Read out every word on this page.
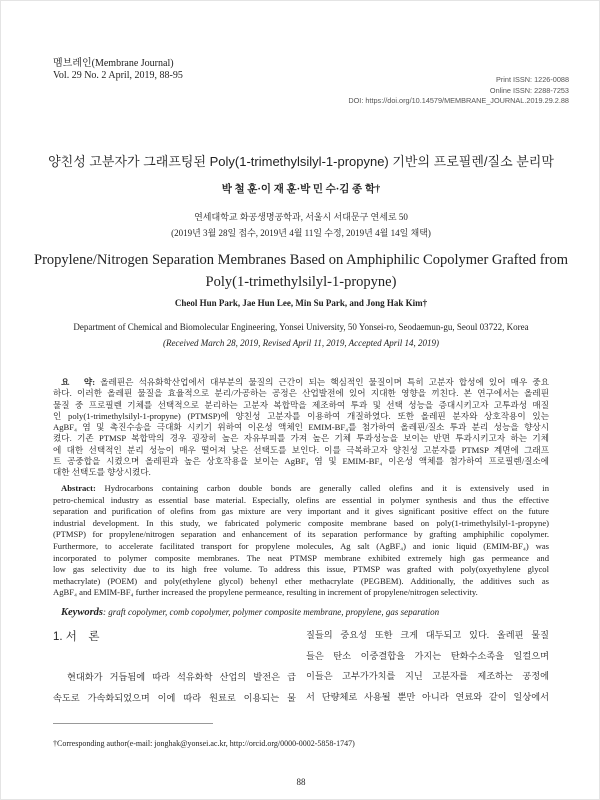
멤브레인(Membrane Journal)
Vol. 29 No. 2 April, 2019, 88-95	Print ISSN: 1226-0088
Online ISSN: 2288-7253
DOI: https://doi.org/10.14579/MEMBRANE_JOURNAL.2019.29.2.88
양친성 고분자가 그래프팅된 Poly(1-trimethylsilyl-1-propyne) 기반의 프로필렌/질소 분리막
박 철 훈·이 재 훈·박 민 수·김 종 학†
연세대학교 화공생명공학과, 서울시 서대문구 연세로 50
(2019년 3월 28일 접수, 2019년 4월 11일 수정, 2019년 4월 14일 채택)
Propylene/Nitrogen Separation Membranes Based on Amphiphilic Copolymer Grafted from
Poly(1-trimethylsilyl-1-propyne)
Cheol Hun Park, Jae Hun Lee, Min Su Park, and Jong Hak Kim†
Department of Chemical and Biomolecular Engineering, Yonsei University, 50 Yonsei-ro, Seodaemun-gu, Seoul 03722, Korea
(Received March 28, 2019, Revised April 11, 2019, Accepted April 14, 2019)
요　약: 올레핀은 석유화학산업에서 대부분의 물질의 근간이 되는 핵심적인 물질이며 특히 고분자 합성에 있어 매우 중요
하다. 이러한 올레핀 물질을 효율적으로 분리/가공하는 공정은 산업발전에 있어 지대한 영향을 끼친다. 본 연구에서는 올레핀
물질 중 프로필렌 기체를 선택적으로 분리하는 고분자 복합막을 제조하여 투과 및 선택 성능을 증대시키고자 고투과성 매질
인 poly(1-trimethylsilyl-1-propyne) (PTMSP)에 양친성 고분자를 이용하여 개질하였다. 또한 올레핀 분자와 상호작용이 있는
AgBF₄ 염 및 촉진수송을 극대화 시키기 위하여 이온성 액체인 EMIM-BF₄를 첨가하여 올레핀/질소 투과 분리 성능을 향상시
켰다. 기존 PTMSP 복합막의 경우 굉장히 높은 자유부피를 가져 높은 기체 투과성능을 보이는 반면 투과시키고자 하는 기체
에 대한 선택적인 분리 성능이 매우 떨어져 낮은 선택도를 보인다. 이를 극복하고자 양친성 고분자를 PTMSP 계면에 그래프
트 공중합을 시켰으며 올레핀과 높은 상호작용을 보이는 AgBF₄ 염 및 EMIM-BF₄ 이온성 액체를 첨가하여 프로필렌/질소에
대한 선택도를 향상시켰다.
Abstract: Hydrocarbons containing carbon double bonds are generally called olefins and it is extensively used in
petro-chemical industry as essential base material. Especially, olefins are essential in polymer synthesis and thus the effective
separation and purification of olefins from gas mixture are very important and it gives significant positive effect on the future
industrial development. In this study, we fabricated polymeric composite membrane based on poly(1-trimethylsilyl-1-propyne)
(PTMSP) for propylene/nitrogen separation and enhancement of its separation performance by grafting amphiphilic copolymer.
Furthermore, to accelerate facilitated transport for propylene molecules, Ag salt (AgBF₄) and ionic liquid (EMIM-BF₄) was
incorporated to polymer composite membranes. The neat PTMSP membrane exhibited extremely high gas permeance and
low gas selectivity due to its high free volume. To address this issue, PTMSP was grafted with poly(oxyethylene glycol
methacrylate) (POEM) and poly(ethylene glycol) behenyl ether methacrylate (PEGBEM). Additionally, the additives such as
AgBF₄ and EMIM-BF₄ further increased the propylene permeance, resulting in increment of propylene/nitrogen selectivity.
Keywords: graft copolymer, comb copolymer, polymer composite membrane, propylene, gas separation
1. 서　론
　현대화가 거듭됨에 따라 석유화학 산업의 발전은 급
속도로 가속화되었으며 이에 따라 원료로 이용되는 물
질들의 중요성 또한 크게 대두되고 있다. 올레핀 물질
들은 탄소 이중결합을 가지는 탄화수소족을 일컬으며
이들은 고부가가치를 지닌 고분자를 제조하는 공정에
서 단량체로 사용될 뿐만 아니라 연료와 같이 일상에서
†Corresponding author(e-mail: jonghak@yonsei.ac.kr, http://orcid.org/0000-0002-5858-1747)
88
